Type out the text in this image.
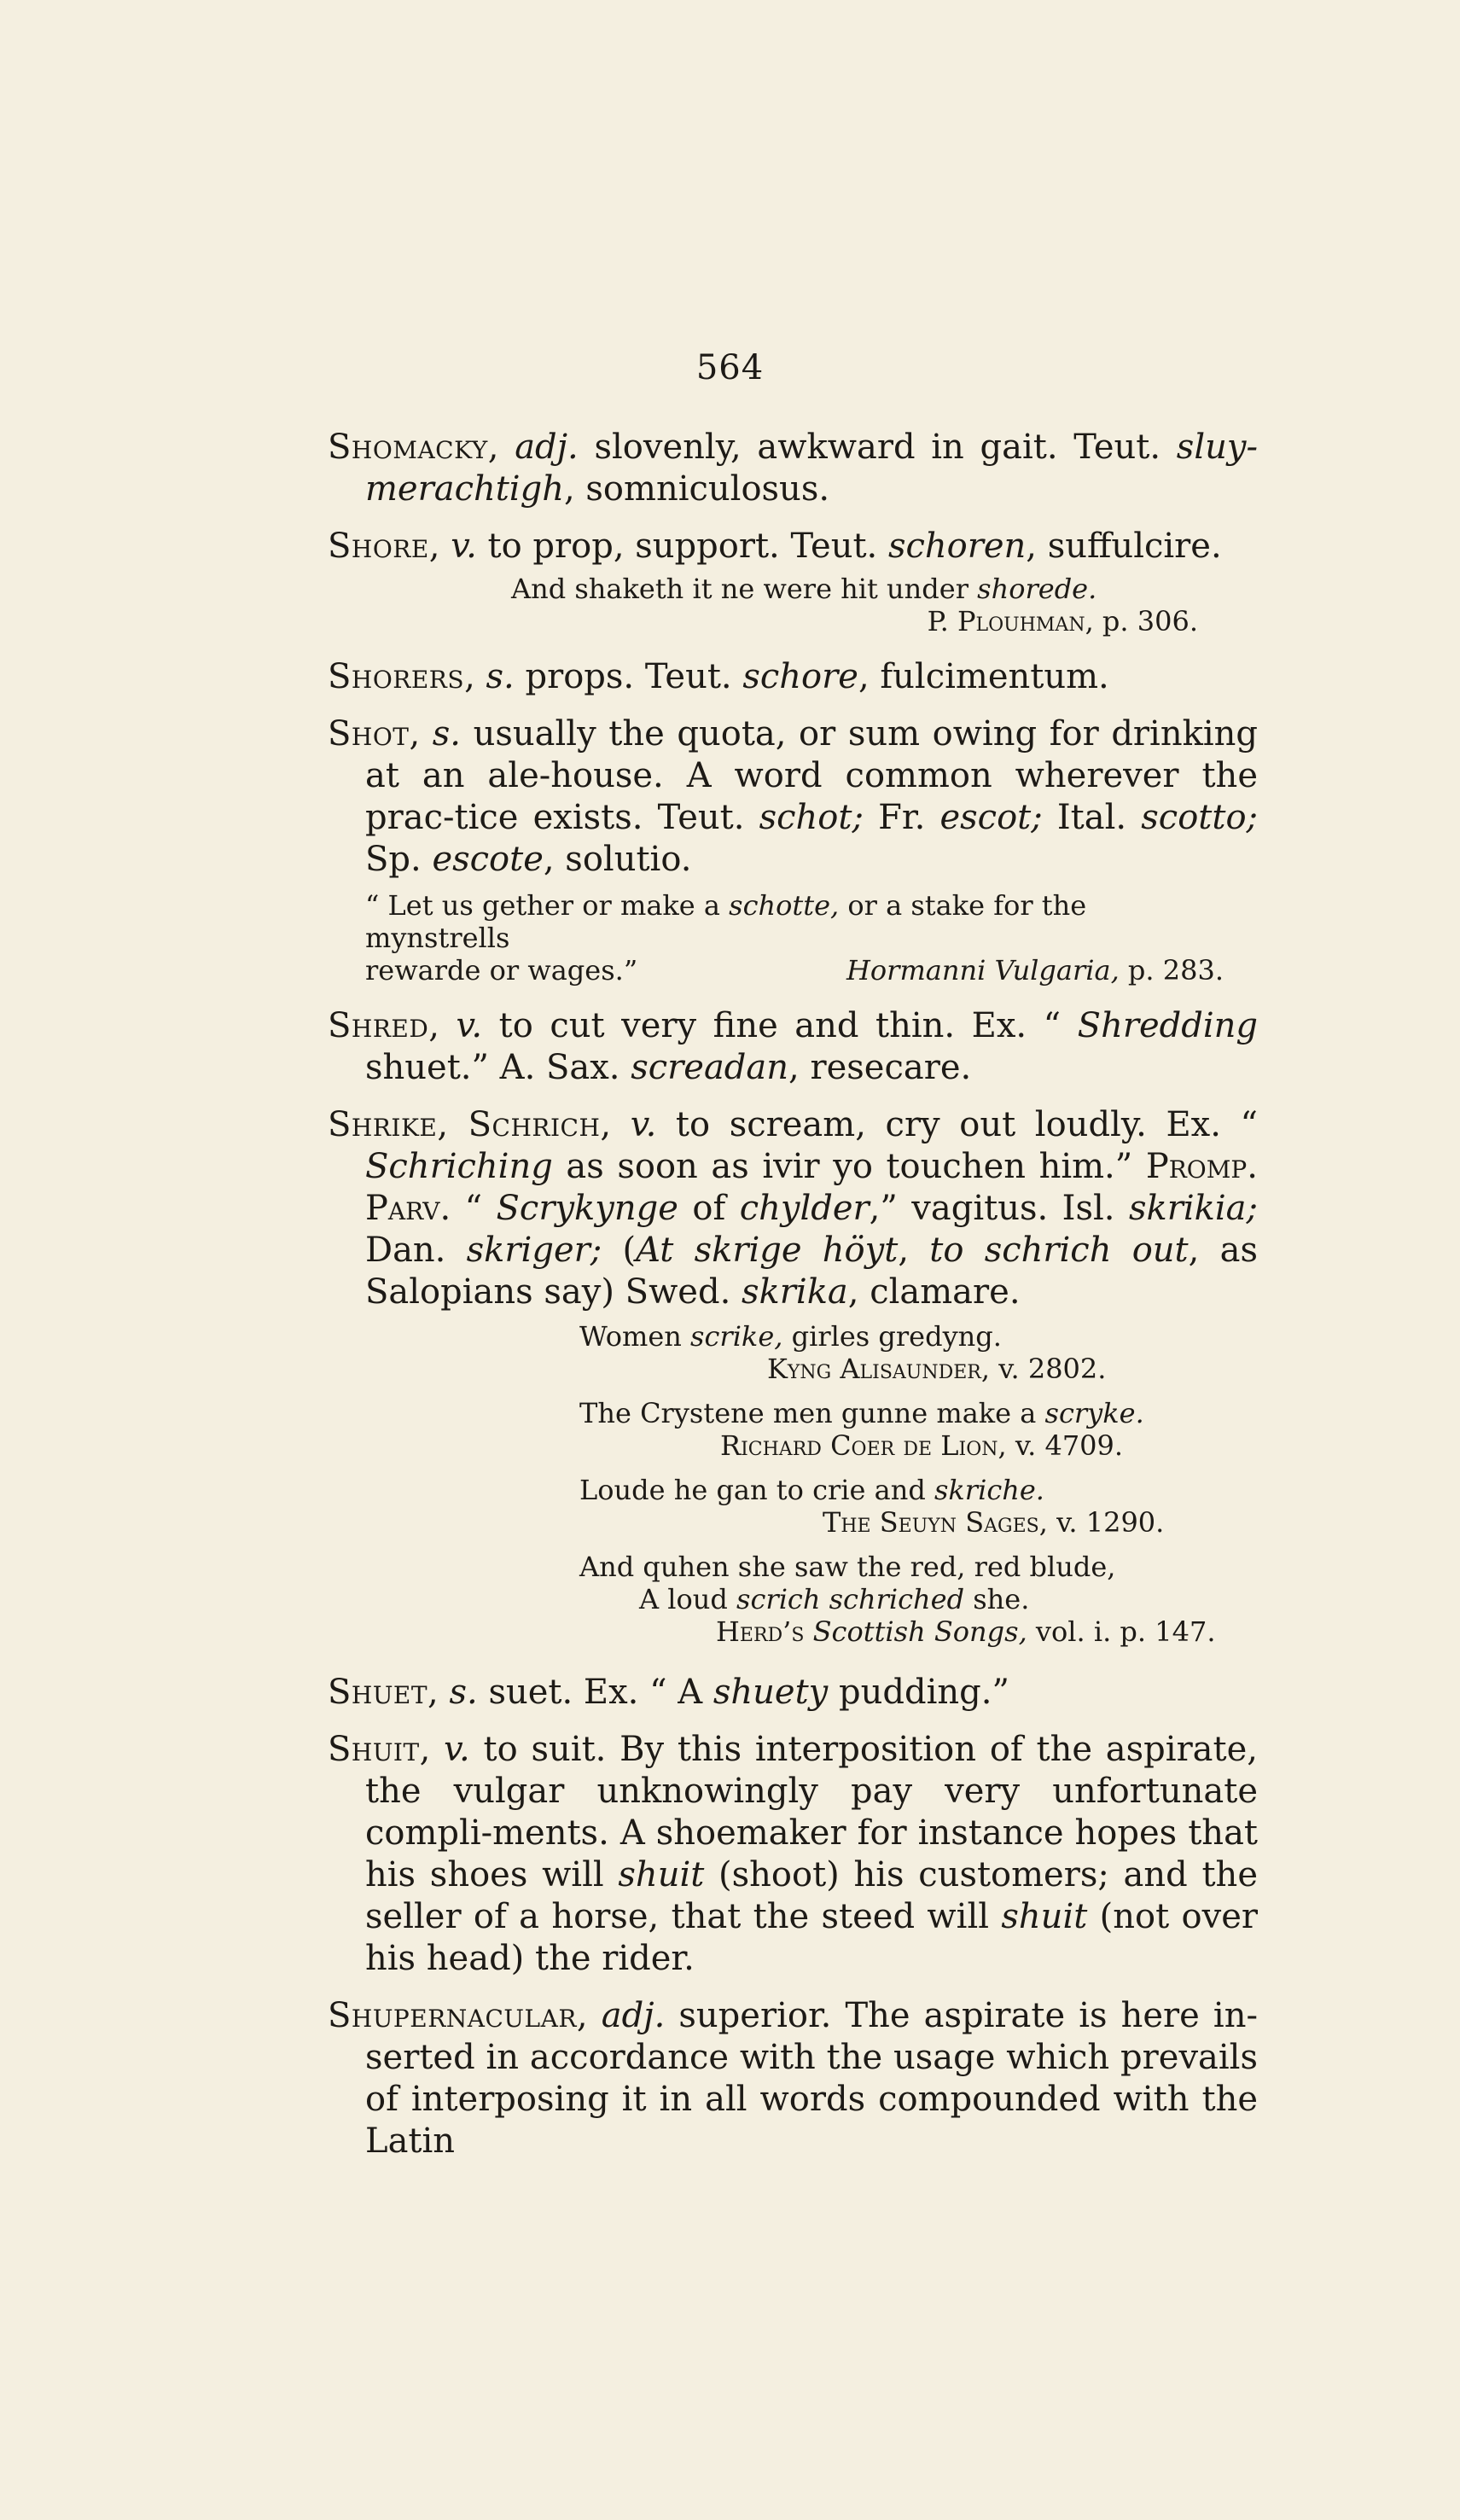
564

Shomacky, adj. slovenly, awkward in gait. Teut. sluy-merachtigh, somniculosus.

Shore, v. to prop, support. Teut. schoren, suffulcire.

And shaketh it ne were hit under shorede.
P. Plouhman, p. 306.

Shorers, s. props. Teut. schore, fulcimentum.

Shot, s. usually the quota, or sum owing for drinking at an ale-house. A word common wherever the prac-tice exists. Teut. schot; Fr. escot; Ital. scotto; Sp. escote, solutio.

“ Let us gether or make a schotte, or a stake for the mynstrells
rewarde or wages.”	Hormanni Vulgaria, p. 283.

Shred, v. to cut very fine and thin. Ex. “ Shredding shuet.” A. Sax. screadan, resecare.

Shrike, Schrich, v. to scream, cry out loudly. Ex. “ Schriching as soon as ivir yo touchen him.” Promp. Parv. “ Scrykynge of chylder,” vagitus. Isl. skrikia; Dan. skriger; (At skrige höyt, to schrich out, as Salopians say) Swed. skrika, clamare.

Women scrike, girles gredyng.
Kyng Alisaunder, v. 2802.
The Crystene men gunne make a scryke.
Richard Coer de Lion, v. 4709.
Loude he gan to crie and skriche.
The Seuyn Sages, v. 1290.
And quhen she saw the red, red blude,
A loud scrich schriched she.
Herd’s Scottish Songs, vol. i. p. 147.

Shuet, s. suet. Ex. “ A shuety pudding.”

Shuit, v. to suit. By this interposition of the aspirate, the vulgar unknowingly pay very unfortunate compli-ments. A shoemaker for instance hopes that his shoes will shuit (shoot) his customers; and the seller of a horse, that the steed will shuit (not over his head) the rider.

Shupernacular, adj. superior. The aspirate is here in-serted in accordance with the usage which prevails of interposing it in all words compounded with the Latin
